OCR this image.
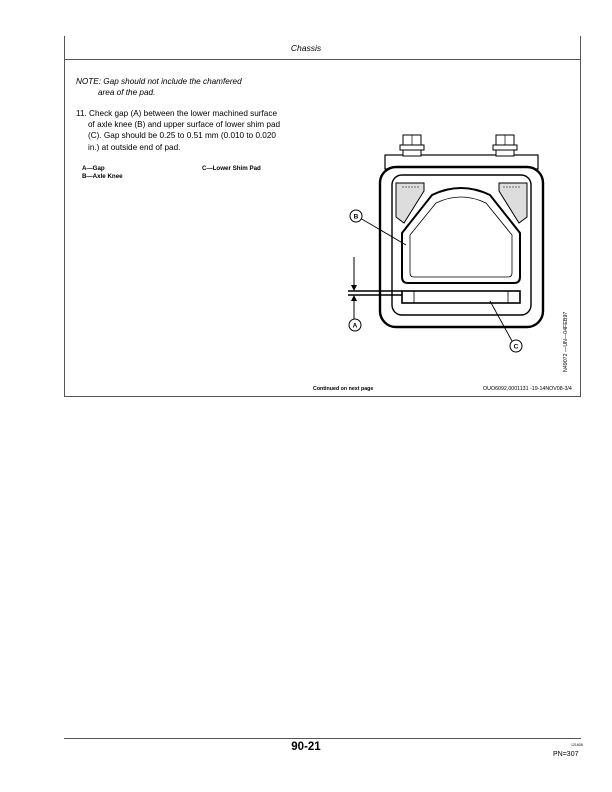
Chassis
NOTE: Gap should not include the chamfered
area of the pad.
11. Check gap (A) between the lower machined surface
of axle knee (B) and upper surface of lower shim pad
(C). Gap should be 0.25 to 0.51 mm (0.010 to 0.020
in.) at outside end of pad.
A—Gap
B—Axle Knee
C—Lower Shim Pad
A
B
C	N49072 —UN—04FEB97
Continued on next page	OUO6092,0001131 -19-14NOV08-3/4
90-21	121608
PN=307
